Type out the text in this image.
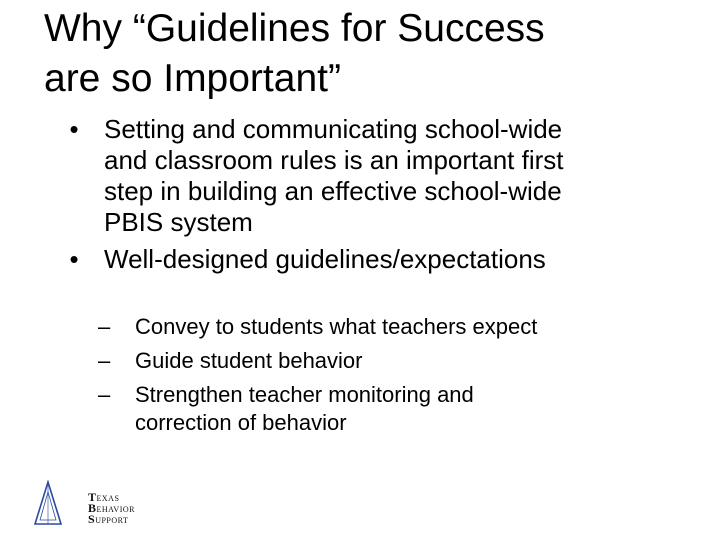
Why “Guidelines for Success
are so Important”
• Setting and communicating school-wide
and classroom rules is an important first
step in building an effective school-wide
PBIS system
• Well-designed guidelines/expectations
– Convey to students what teachers expect
– Guide student behavior
– Strengthen teacher monitoring and
correction of behavior
TEXAS
BEHAVIOR
SUPPORT
